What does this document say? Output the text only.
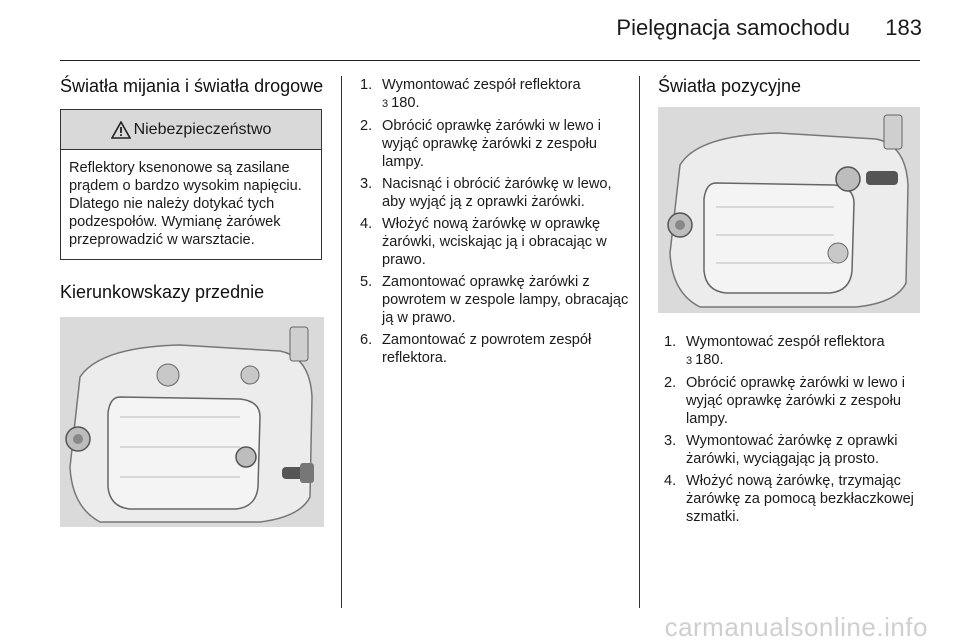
Pielęgnacja samochodu	183
Światła mijania i światła drogowe
Niebezpieczeństwo
Reflektory ksenonowe są zasilane prądem o bardzo wysokim napięciu. Dlatego nie należy dotykać tych podzespołów. Wymianę żarówek przeprowadzić w warsztacie.
Kierunkowskazy przednie
1. Wymontować zespół reflektora
3 180.
2. Obrócić oprawkę żarówki w lewo i wyjąć oprawkę żarówki z zespołu lampy.
3. Nacisnąć i obrócić żarówkę w lewo, aby wyjąć ją z oprawki żarówki.
4. Włożyć nową żarówkę w oprawkę żarówki, wciskając ją i obracając w prawo.
5. Zamontować oprawkę żarówki z powrotem w zespole lampy, obracając ją w prawo.
6. Zamontować z powrotem zespół reflektora.
Światła pozycyjne
1. Wymontować zespół reflektora
3 180.
2. Obrócić oprawkę żarówki w lewo i wyjąć oprawkę żarówki z zespołu lampy.
3. Wymontować żarówkę z oprawki żarówki, wyciągając ją prosto.
4. Włożyć nową żarówkę, trzymając żarówkę za pomocą bezkłaczkowej szmatki.
carmanualsonline.info
